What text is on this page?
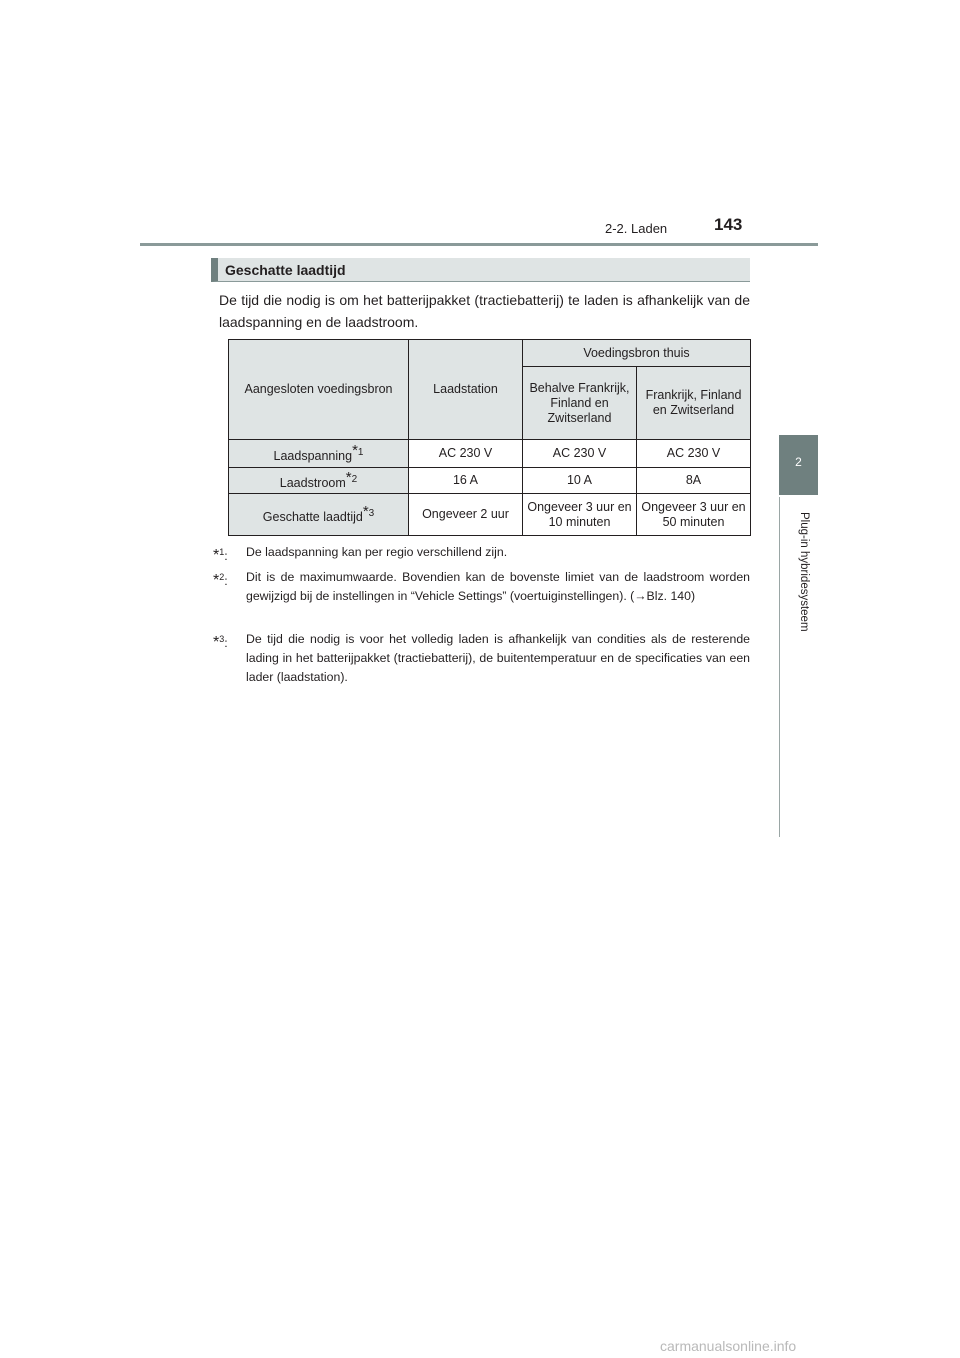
2-2. Laden	143
2
Plug-in hybridesysteem
Geschatte laadtijd
De tijd die nodig is om het batterijpakket (tractiebatterij) te laden is afhankelijk van de laadspanning en de laadstroom.
Aangesloten voedingsbron	Laadstation	Voedingsbron thuis	
		Behalve Frankrijk, Finland en Zwitserland	Frankrijk, Finland en Zwitserland
Laadspanning$^{*1}$	AC 230 V	AC 230 V	AC 230 V
Laadstroom$^{*2}$	16 A	10 A	8A
Geschatte laadtijd$^{*3}$	Ongeveer 2 uur	Ongeveer 3 uur en 10 minuten	Ongeveer 3 uur en 50 minuten
*$^1$: De laadspanning kan per regio verschillend zijn.
*$^2$: Dit is de maximumwaarde. Bovendien kan de bovenste limiet van de laadstroom worden gewijzigd bij de instellingen in “Vehicle Settings” (voertuiginstellingen). (→Blz. 140)
*$^3$: De tijd die nodig is voor het volledig laden is afhankelijk van condities als de resterende lading in het batterijpakket (tractiebatterij), de buitentemperatuur en de specificaties van een lader (laadstation).
carmanualsonline.info
